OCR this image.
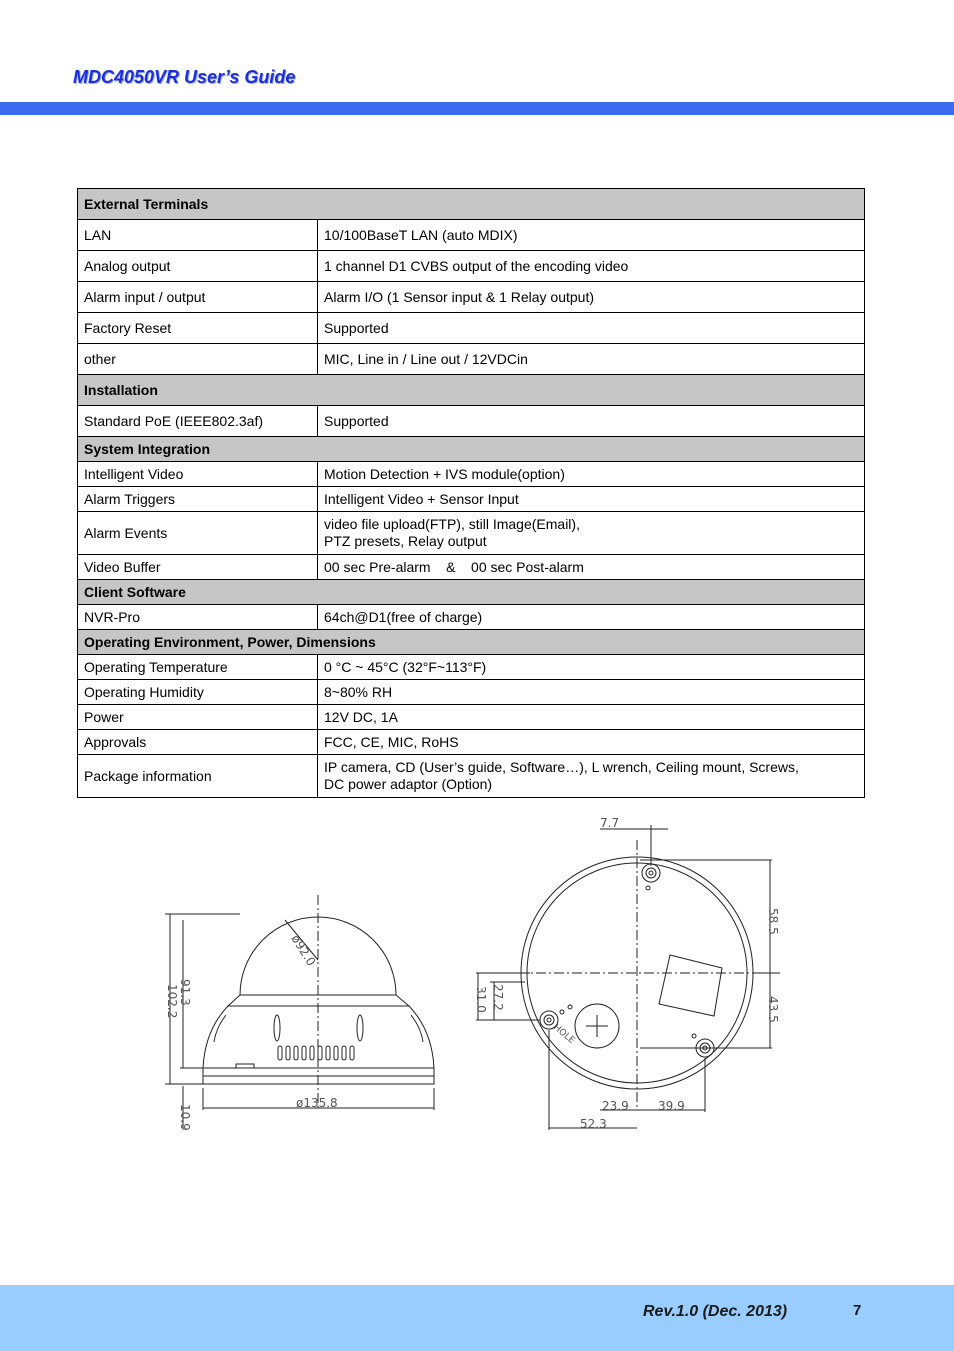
MDC4050VR User’s Guide
External Terminals	
LAN	10/100BaseT LAN (auto MDIX)
Analog output	1 channel D1 CVBS output of the encoding video
Alarm input / output	Alarm I/O (1 Sensor input & 1 Relay output)
Factory Reset	Supported
other	MIC, Line in / Line out / 12VDCin
Installation	
Standard PoE (IEEE802.3af)	Supported
System Integration	
Intelligent Video	Motion Detection + IVS module(option)
Alarm Triggers	Intelligent Video + Sensor Input
Alarm Events	video file upload(FTP), still Image(Email),
PTZ presets, Relay output
Video Buffer	00 sec Pre-alarm    &    00 sec Post-alarm
Client Software	
NVR-Pro	64ch@D1(free of charge)
Operating Environment, Power, Dimensions	
Operating Temperature	0 °C ~ 45°C (32°F~113°F)
Operating Humidity	8~80% RH
Power	12V DC, 1A
Approvals	FCC, CE, MIC, RoHS
Package information	IP camera, CD (User’s guide, Software…), L wrench, Ceiling mount, Screws,
DC power adaptor (Option)
ø92.0
91.3
102.2
10.9
ø135.8
7.7
58.5
43.5
31.0 27.2
23.9 39.9
52.3
HOLE
Rev.1.0 (Dec. 2013)	7
